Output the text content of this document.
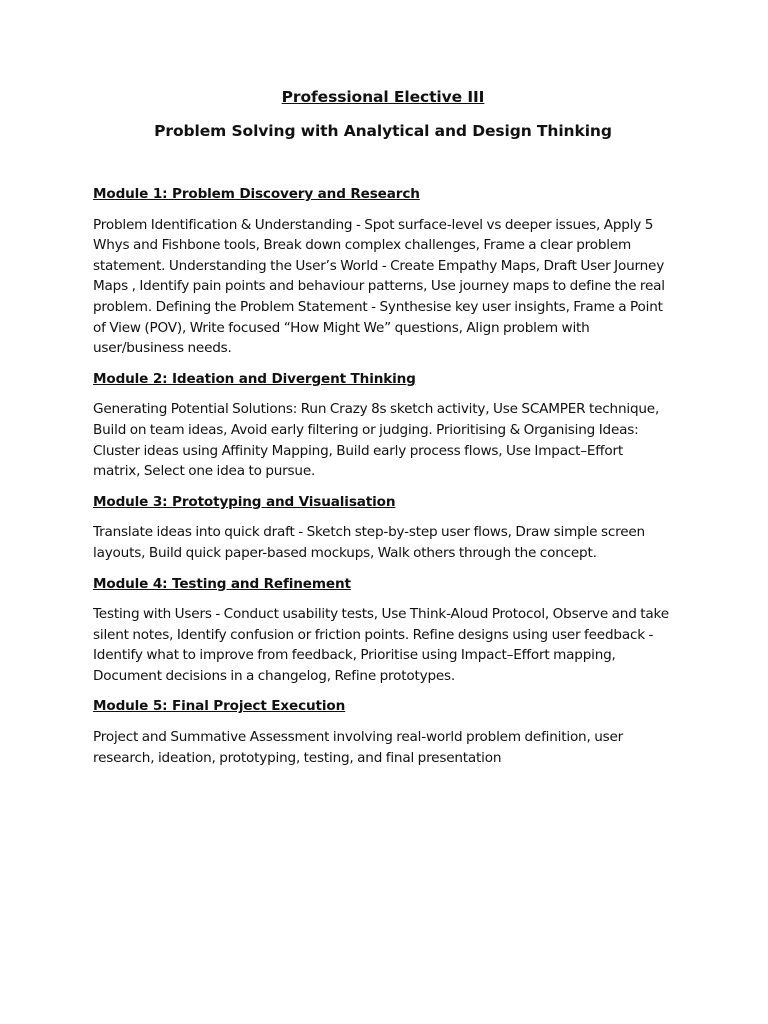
Professional Elective III
Problem Solving with Analytical and Design Thinking

Module 1: Problem Discovery and Research

Problem Identification & Understanding - Spot surface-level vs deeper issues, Apply 5 Whys and Fishbone tools, Break down complex challenges, Frame a clear problem statement. Understanding the User’s World - Create Empathy Maps, Draft User Journey Maps , Identify pain points and behaviour patterns, Use journey maps to define the real problem. Defining the Problem Statement - Synthesise key user insights, Frame a Point of View (POV), Write focused “How Might We” questions, Align problem with user/business needs.

Module 2: Ideation and Divergent Thinking

Generating Potential Solutions: Run Crazy 8s sketch activity, Use SCAMPER technique, Build on team ideas, Avoid early filtering or judging. Prioritising & Organising Ideas: Cluster ideas using Affinity Mapping, Build early process flows, Use Impact–Effort matrix, Select one idea to pursue.

Module 3: Prototyping and Visualisation

Translate ideas into quick draft - Sketch step-by-step user flows, Draw simple screen layouts, Build quick paper-based mockups, Walk others through the concept.

Module 4: Testing and Refinement

Testing with Users - Conduct usability tests, Use Think-Aloud Protocol, Observe and take silent notes, Identify confusion or friction points. Refine designs using user feedback - Identify what to improve from feedback, Prioritise using Impact–Effort mapping, Document decisions in a changelog, Refine prototypes.

Module 5: Final Project Execution

Project and Summative Assessment involving real-world problem definition, user research, ideation, prototyping, testing, and final presentation
